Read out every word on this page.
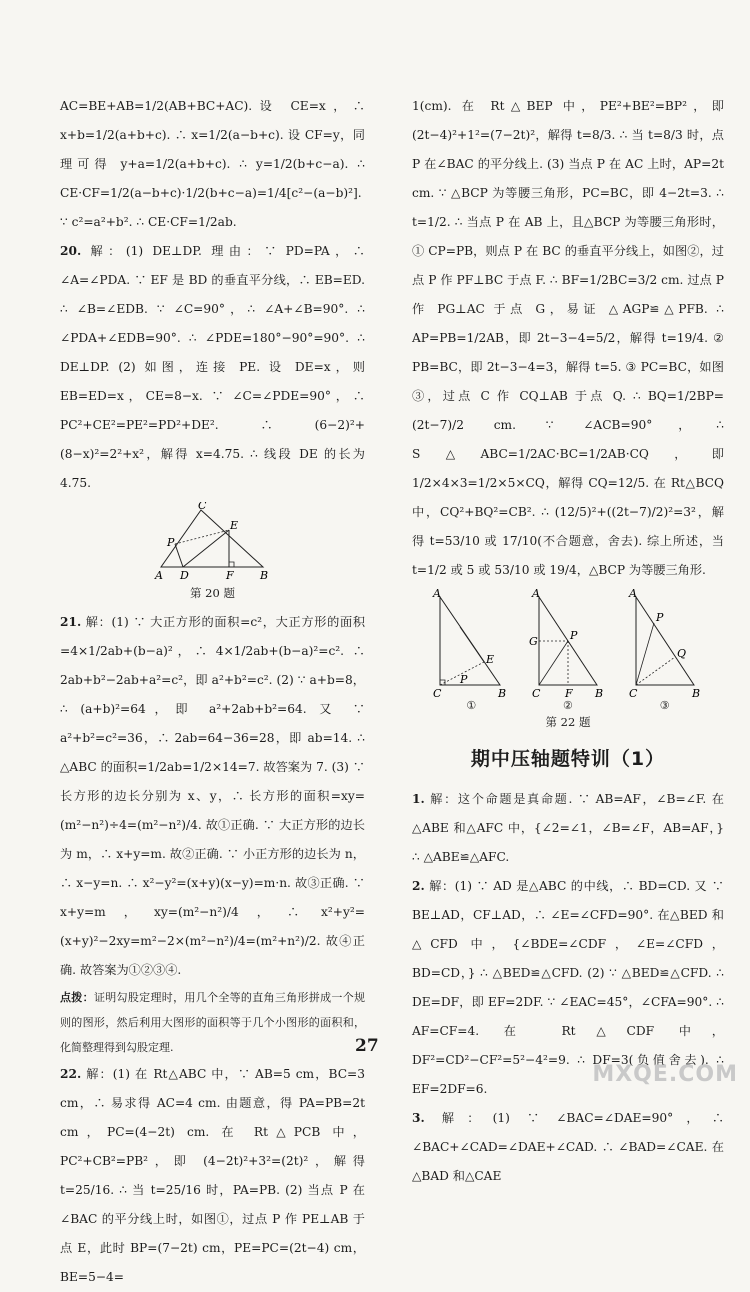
AC=BE+AB=1/2(AB+BC+AC).设 CE=x，∴ x+b=1/2(a+b+c). ∴ x=1/2(a−b+c). 设 CF=y，同理可得 y+a=1/2(a+b+c). ∴ y=1/2(b+c−a). ∴ CE·CF=1/2(a−b+c)·1/2(b+c−a)=1/4[c²−(a−b)²]. ∵ c²=a²+b². ∴ CE·CF=1/2ab.

20. 解：(1) DE⊥DP. 理由：∵ PD=PA，∴ ∠A=∠PDA. ∵ EF 是 BD 的垂直平分线，∴ EB=ED. ∴ ∠B=∠EDB. ∵ ∠C=90°，∴ ∠A+∠B=90°. ∴ ∠PDA+∠EDB=90°. ∴ ∠PDE=180°−90°=90°. ∴ DE⊥DP. (2) 如图，连接 PE. 设 DE=x，则 EB=ED=x，CE=8−x. ∵ ∠C=∠PDE=90°，∴ PC²+CE²=PE²=PD²+DE². ∴ (6−2)²+(8−x)²=2²+x²，解得 x=4.75. ∴ 线段 DE 的长为 4.75.

C
P
E
A D	F B
第 20 题

21. 解：(1) ∵ 大正方形的面积=c²，大正方形的面积=4×1/2ab+(b−a)²，∴ 4×1/2ab+(b−a)²=c². ∴ 2ab+b²−2ab+a²=c²，即 a²+b²=c². (2) ∵ a+b=8，∴ (a+b)²=64，即 a²+2ab+b²=64. 又 ∵ a²+b²=c²=36，∴ 2ab=64−36=28，即 ab=14. ∴ △ABC 的面积=1/2ab=1/2×14=7. 故答案为 7. (3) ∵ 长方形的边长分别为 x、y，∴ 长方形的面积=xy=(m²−n²)÷4=(m²−n²)/4. 故①正确. ∵ 大正方形的边长为 m，∴ x+y=m. 故②正确. ∵ 小正方形的边长为 n，∴ x−y=n. ∴ x²−y²=(x+y)(x−y)=m·n. 故③正确. ∵ x+y=m，xy=(m²−n²)/4，∴ x²+y²=(x+y)²−2xy=m²−2×(m²−n²)/4=(m²+n²)/2. 故④正确. 故答案为①②③④.

点拨：证明勾股定理时，用几个全等的直角三角形拼成一个规则的图形，然后利用大图形的面积等于几个小图形的面积和，化简整理得到勾股定理.

22. 解：(1) 在 Rt△ABC 中，∵ AB=5 cm，BC=3 cm，∴ 易求得 AC=4 cm. 由题意，得 PA=PB=2t cm，PC=(4−2t) cm. 在 Rt△PCB 中，PC²+CB²=PB²，即 (4−2t)²+3²=(2t)²，解得 t=25/16. ∴ 当 t=25/16 时，PA=PB. (2) 当点 P 在 ∠BAC 的平分线上时，如图①，过点 P 作 PE⊥AB 于点 E，此时 BP=(7−2t) cm，PE=PC=(2t−4) cm，BE=5−4=

1(cm). 在 Rt△BEP 中，PE²+BE²=BP²，即 (2t−4)²+1²=(7−2t)²，解得 t=8/3. ∴ 当 t=8/3 时，点 P 在∠BAC 的平分线上. (3) 当点 P 在 AC 上时，AP=2t cm. ∵ △BCP 为等腰三角形，PC=BC，即 4−2t=3. ∴ t=1/2. ∴ 当点 P 在 AB 上，且△BCP 为等腰三角形时，① CP=PB，则点 P 在 BC 的垂直平分线上，如图②，过点 P 作 PF⊥BC 于点 F. ∴ BF=1/2BC=3/2 cm. 过点 P 作 PG⊥AC 于点 G，易证 △AGP≌△PFB. ∴ AP=PB=1/2AB，即 2t−3−4=5/2，解得 t=19/4. ② PB=BC，即 2t−3−4=3，解得 t=5. ③ PC=BC，如图③，过点 C 作 CQ⊥AB 于点 Q. ∴ BQ=1/2BP=(2t−7)/2 cm. ∵ ∠ACB=90°，∴ S△ABC=1/2AC·BC=1/2AB·CQ，即 1/2×4×3=1/2×5×CQ，解得 CQ=12/5. 在 Rt△BCQ 中，CQ²+BQ²=CB². ∴ (12/5)²+((2t−7)/2)²=3²，解得 t=53/10 或 17/10(不合题意，舍去). 综上所述，当 t=1/2 或 5 或 53/10 或 19/4，△BCP 为等腰三角形.

A
E
C	B
P
①
A
G	P
C F B
②
A
P
Q
C	B
③
第 22 题
期中压轴题特训（1）

1. 解：这个命题是真命题. ∵ AB=AF，∠B=∠F. 在△ABE 和△AFC 中，{∠2=∠1，∠B=∠F，AB=AF，} ∴ △ABE≌△AFC.

2. 解：(1) ∵ AD 是△ABC 的中线，∴ BD=CD. 又 ∵ BE⊥AD，CF⊥AD，∴ ∠E=∠CFD=90°. 在△BED 和△CFD 中，{∠BDE=∠CDF，∠E=∠CFD，BD=CD，} ∴ △BED≌△CFD. (2) ∵ △BED≌△CFD. ∴ DE=DF，即 EF=2DF. ∵ ∠EAC=45°，∠CFA=90°. ∴ AF=CF=4. 在 Rt△CDF 中，DF²=CD²−CF²=5²−4²=9. ∴ DF=3(负值舍去). ∴ EF=2DF=6.

3. 解：(1) ∵ ∠BAC=∠DAE=90°，∴ ∠BAC+∠CAD=∠DAE+∠CAD. ∴ ∠BAD=∠CAE. 在△BAD 和△CAE

27
MXQE.COM
